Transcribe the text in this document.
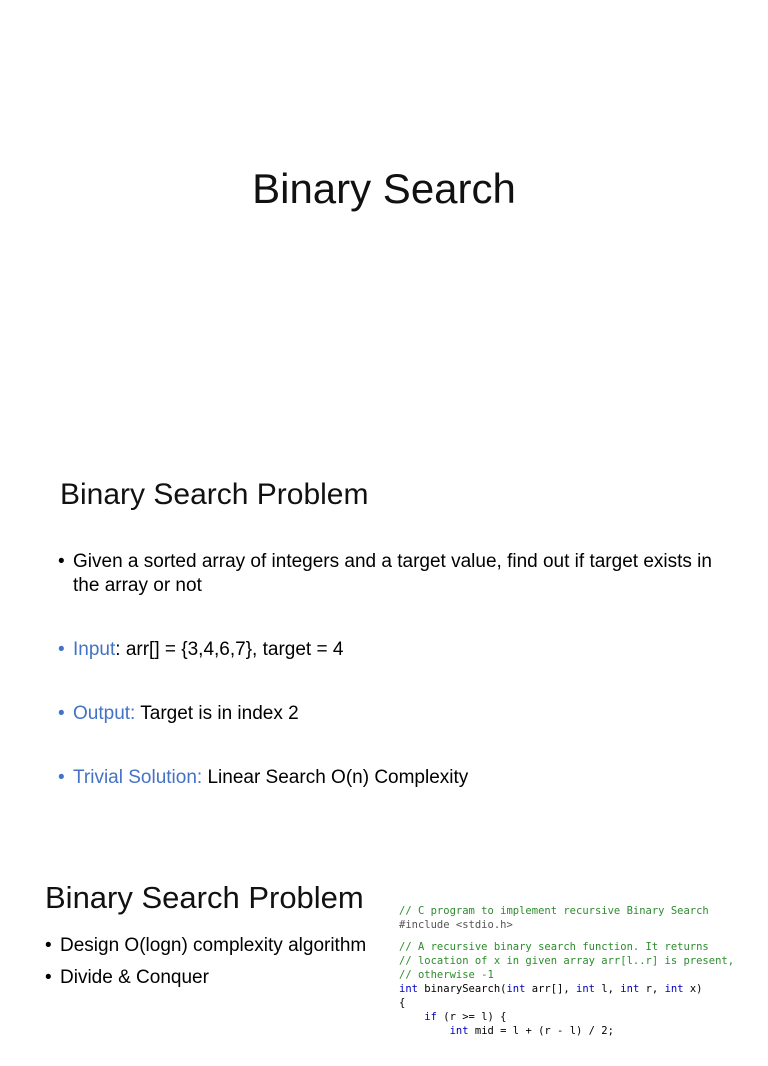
Binary Search
Binary Search Problem
• Given a sorted array of integers and a target value, find out if target exists in the array or not
• Input: arr[] = {3,4,6,7}, target = 4
• Output: Target is in index 2
• Trivial Solution: Linear Search O(n) Complexity
Binary Search Problem
• Design O(logn) complexity algorithm
• Divide & Conquer

// C program to implement recursive Binary Search
#include <stdio.h>
// A recursive binary search function. It returns
// location of x in given array arr[l..r] is present,
// otherwise -1
int binarySearch(int arr[], int l, int r, int x)
{
if (r >= l) {
int mid = l + (r - l) / 2;
